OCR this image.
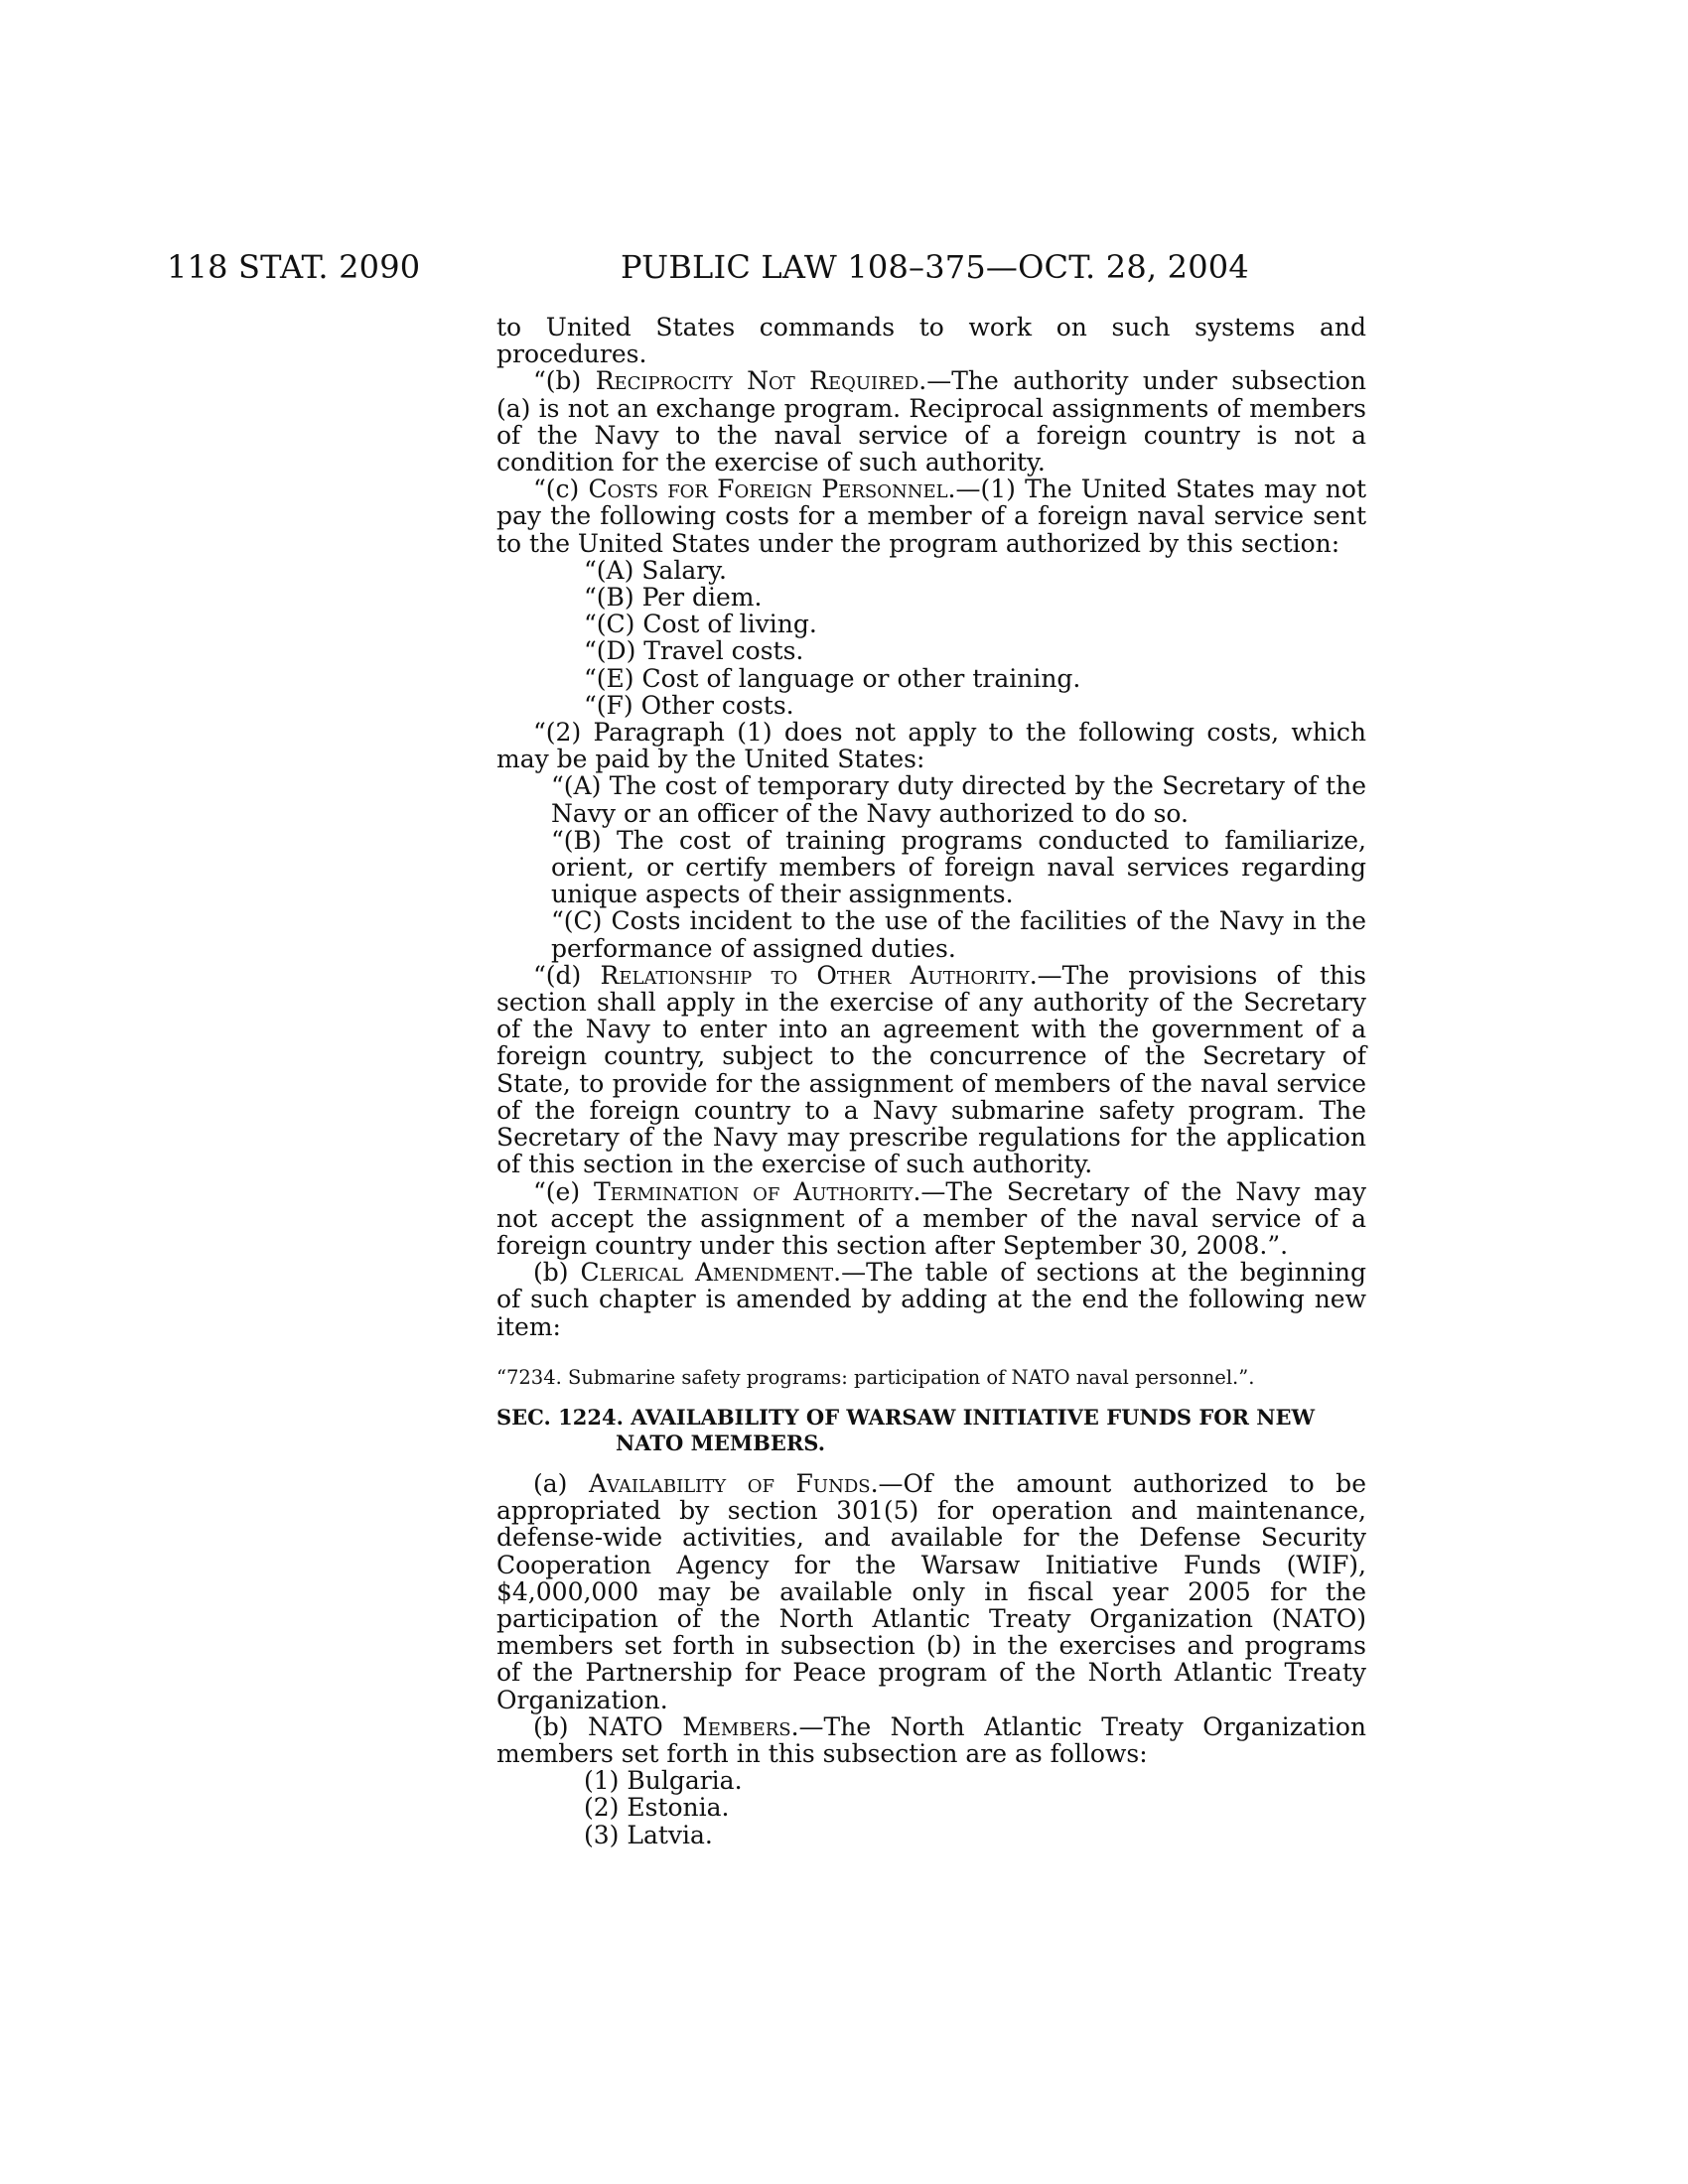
118 STAT. 2090	PUBLIC LAW 108–375—OCT. 28, 2004

to United States commands to work on such systems and procedures.

“(b) Reciprocity Not Required.—The authority under subsection (a) is not an exchange program. Reciprocal assignments of members of the Navy to the naval service of a foreign country is not a condition for the exercise of such authority.

“(c) Costs for Foreign Personnel.—(1) The United States may not pay the following costs for a member of a foreign naval service sent to the United States under the program authorized by this section:

“(A) Salary.

“(B) Per diem.

“(C) Cost of living.

“(D) Travel costs.

“(E) Cost of language or other training.

“(F) Other costs.

“(2) Paragraph (1) does not apply to the following costs, which may be paid by the United States:

“(A) The cost of temporary duty directed by the Secretary of the Navy or an officer of the Navy authorized to do so.

“(B) The cost of training programs conducted to familiarize, orient, or certify members of foreign naval services regarding unique aspects of their assignments.

“(C) Costs incident to the use of the facilities of the Navy in the performance of assigned duties.

“(d) Relationship to Other Authority.—The provisions of this section shall apply in the exercise of any authority of the Secretary of the Navy to enter into an agreement with the government of a foreign country, subject to the concurrence of the Secretary of State, to provide for the assignment of members of the naval service of the foreign country to a Navy submarine safety program. The Secretary of the Navy may prescribe regulations for the application of this section in the exercise of such authority.

“(e) Termination of Authority.—The Secretary of the Navy may not accept the assignment of a member of the naval service of a foreign country under this section after September 30, 2008.”.

(b) Clerical Amendment.—The table of sections at the beginning of such chapter is amended by adding at the end the following new item:

“7234. Submarine safety programs: participation of NATO naval personnel.”.

SEC. 1224. AVAILABILITY OF WARSAW INITIATIVE FUNDS FOR NEW NATO MEMBERS.

(a) Availability of Funds.—Of the amount authorized to be appropriated by section 301(5) for operation and maintenance, defense-wide activities, and available for the Defense Security Cooperation Agency for the Warsaw Initiative Funds (WIF), $4,000,000 may be available only in fiscal year 2005 for the participation of the North Atlantic Treaty Organization (NATO) members set forth in subsection (b) in the exercises and programs of the Partnership for Peace program of the North Atlantic Treaty Organization.

(b) NATO Members.—The North Atlantic Treaty Organization members set forth in this subsection are as follows:

(1) Bulgaria.

(2) Estonia.

(3) Latvia.
